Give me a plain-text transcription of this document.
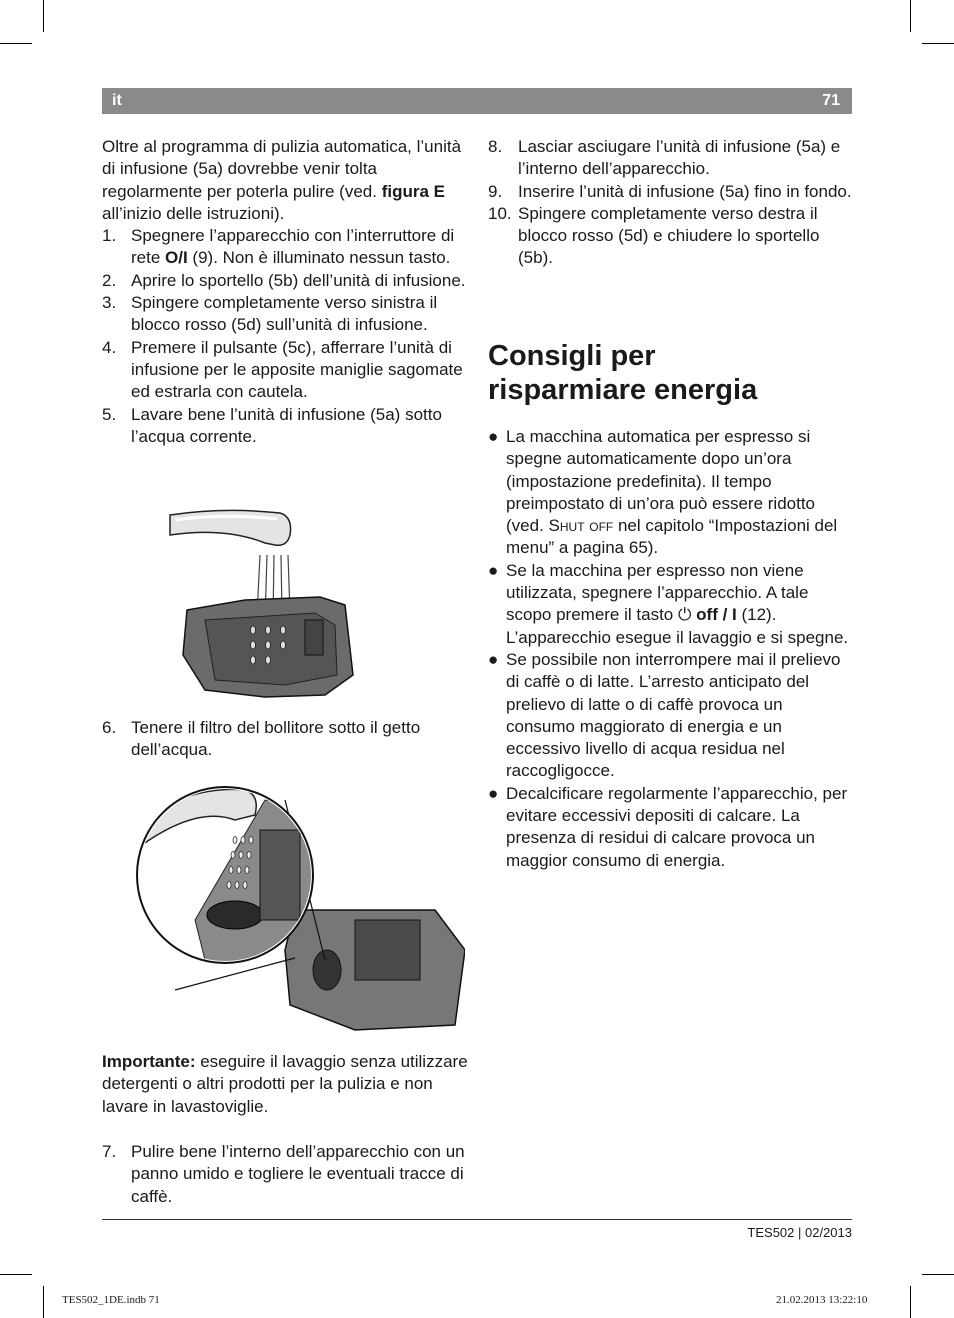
it	71

Oltre al programma di pulizia automatica, l’unità di infusione (5a) dovrebbe venir tolta regolarmente per poterla pulire (ved. figura E all’inizio delle istruzioni).

1. Spegnere l’apparecchio con l’interruttore di rete O/I (9). Non è illuminato nessun tasto.
2. Aprire lo sportello (5b) dell’unità di infusione.
3. Spingere completamente verso sinistra il blocco rosso (5d) sull’unità di infusione.
4. Premere il pulsante (5c), afferrare l’unità di infusione per le apposite maniglie sagomate ed estrarla con cautela.
5. Lavare bene l’unità di infusione (5a) sotto l’acqua corrente.
6. Tenere il filtro del bollitore sotto il getto dell’acqua.

Importante: eseguire il lavaggio senza utilizzare detergenti o altri prodotti per la pulizia e non lavare in lavastoviglie.

7. Pulire bene l’interno dell’apparecchio con un panno umido e togliere le eventuali tracce di caffè.
8. Lasciar asciugare l’unità di infusione (5a) e l’interno dell’apparecchio.
9. Inserire l’unità di infusione (5a) fino in fondo.
10. Spingere completamente verso destra il blocco rosso (5d) e chiudere lo sportello (5b).
Consigli per
risparmiare energia
● La macchina automatica per espresso si spegne automaticamente dopo un’ora (impostazione predefinita). Il tempo preimpostato di un’ora può essere ridotto (ved. Shut off nel capitolo “Impostazioni del menu” a pagina 65).
● Se la macchina per espresso non viene utilizzata, spegnere l’apparecchio. A tale scopo premere il tasto ⏻ off / I (12). L’apparecchio esegue il lavaggio e si spegne.
● Se possibile non interrompere mai il prelievo di caffè o di latte. L’arresto anticipato del prelievo di latte o di caffè provoca un consumo maggiorato di energia e un eccessivo livello di acqua residua nel raccogligocce.
● Decalcificare regolarmente l’apparecchio, per evitare eccessivi depositi di calcare. La presenza di residui di calcare provoca un maggior consumo di energia.
TES502 | 02/2013
TES502_1DE.indb 71	21.02.2013 13:22:10
